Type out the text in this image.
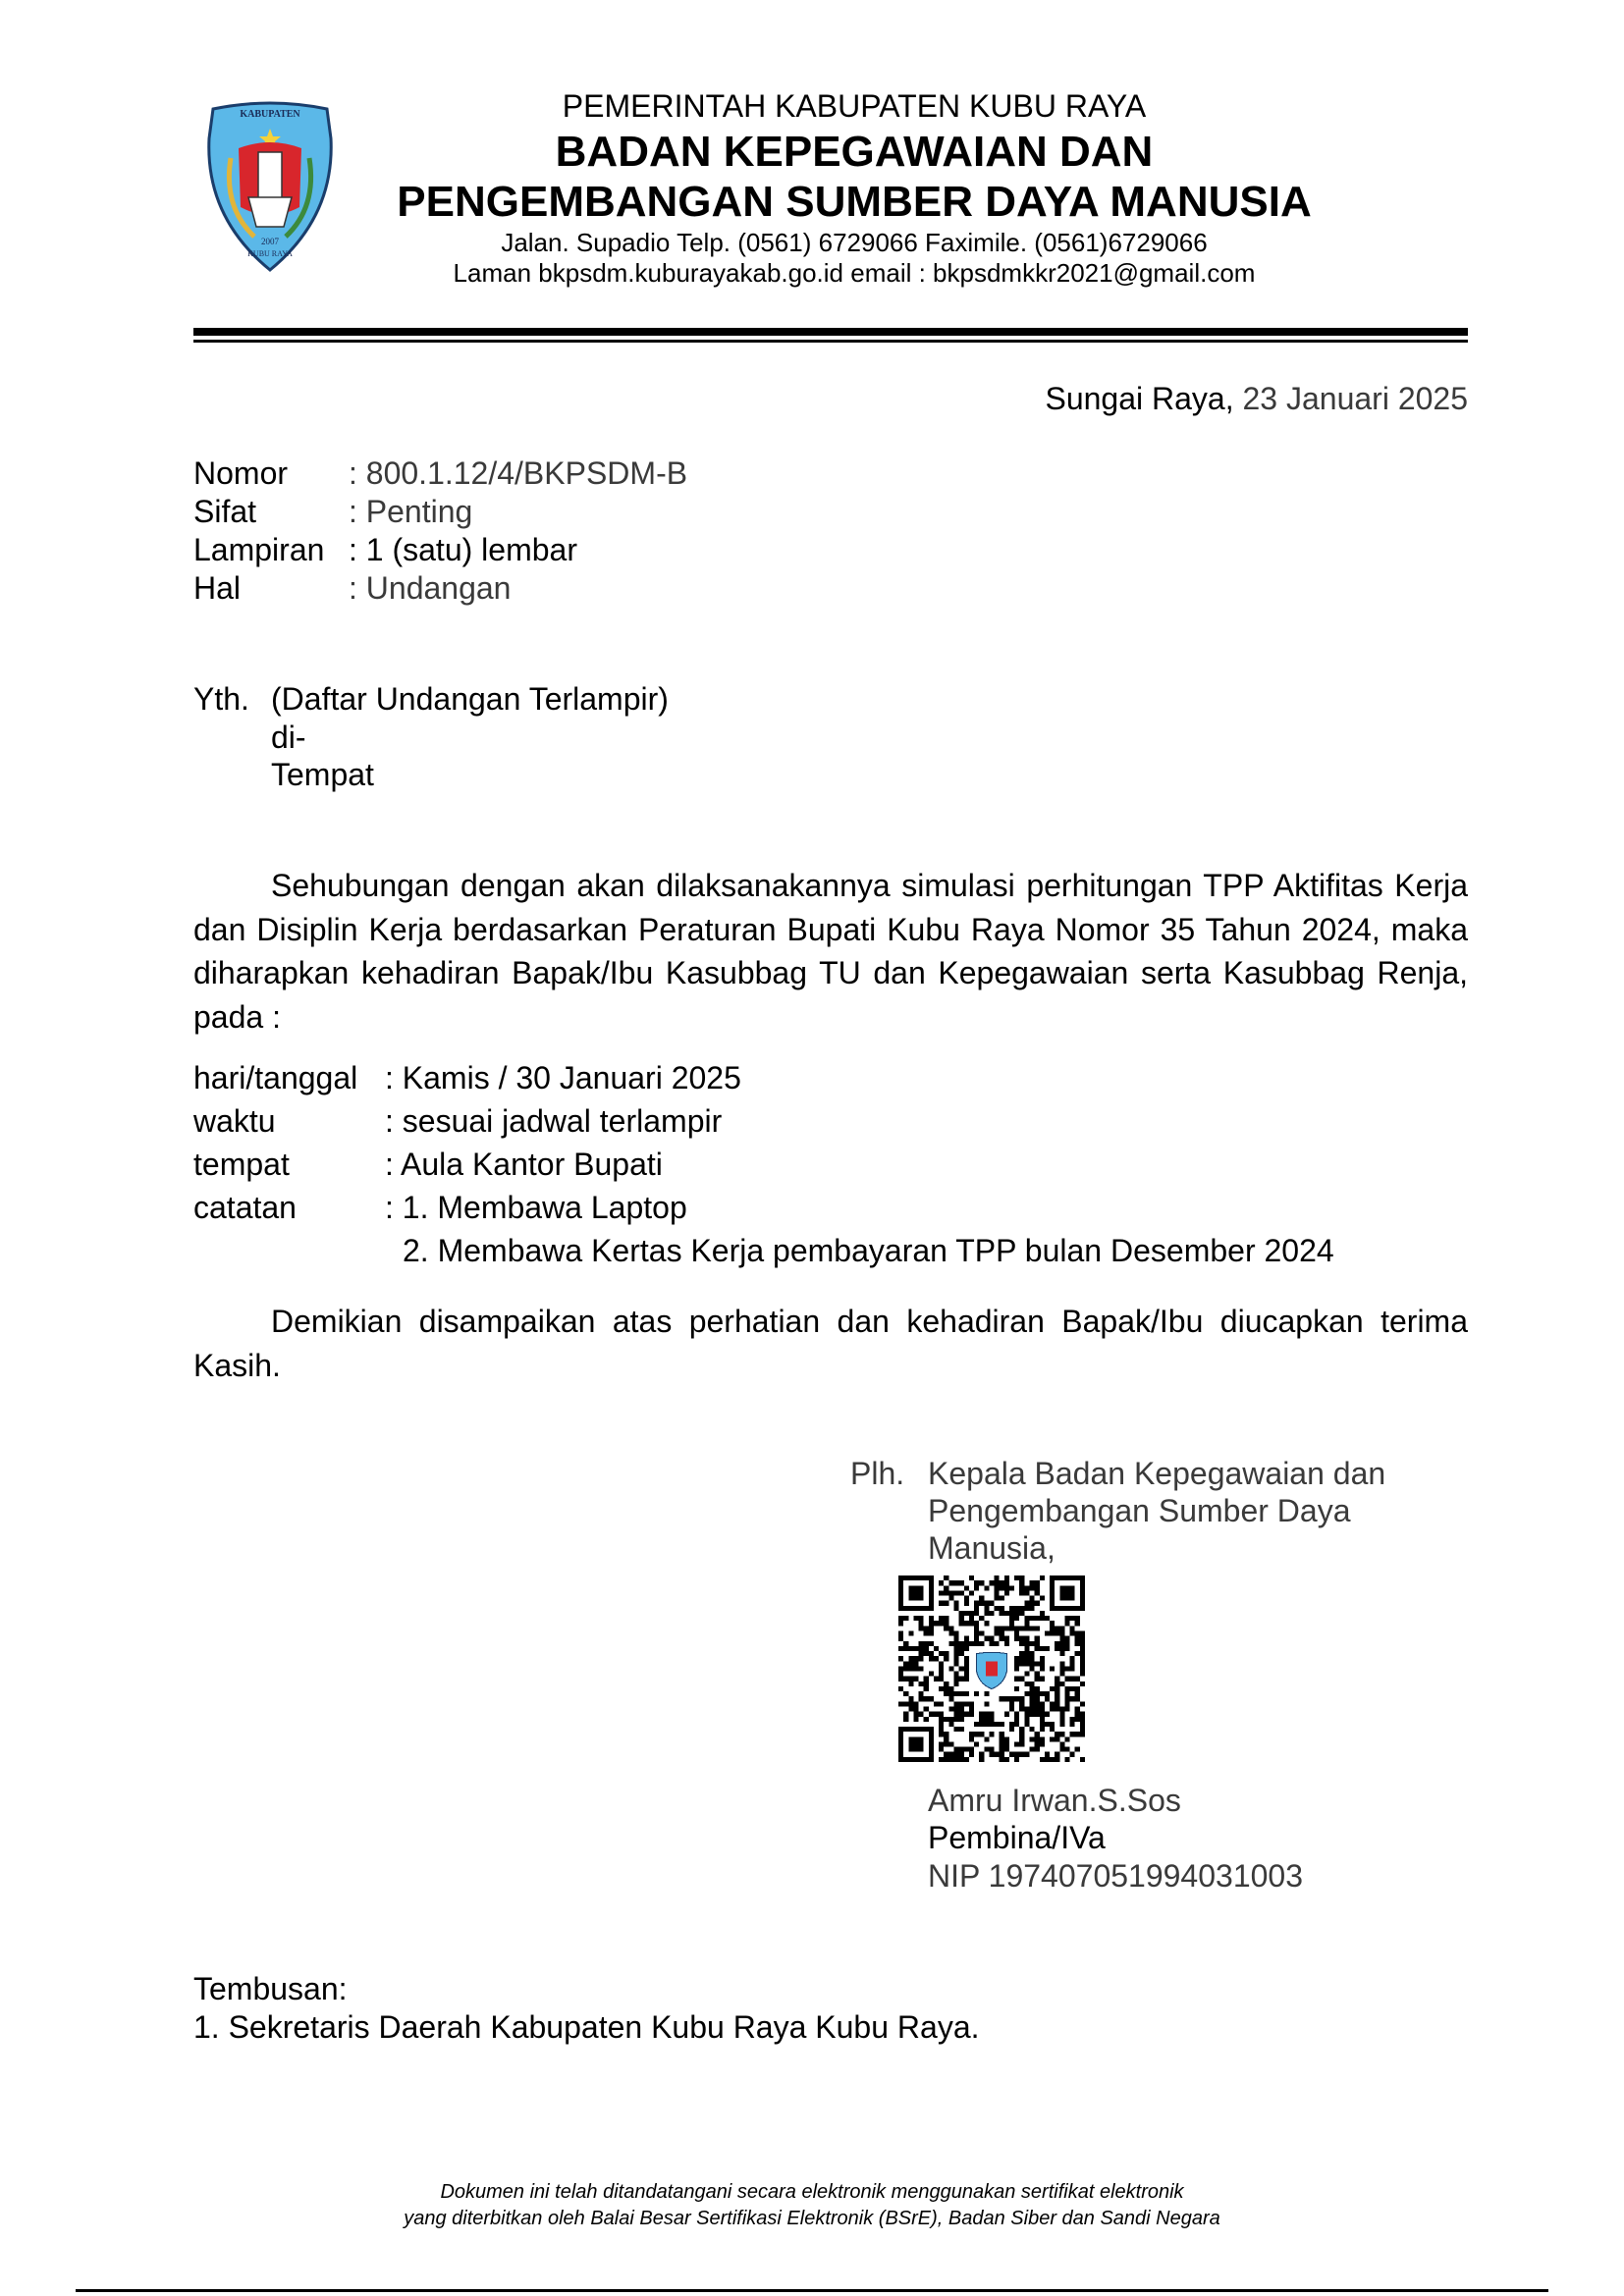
KABUPATEN
2007
KUBU RAYA
PEMERINTAH KABUPATEN KUBU RAYA
BADAN KEPEGAWAIAN DAN
PENGEMBANGAN SUMBER DAYA MANUSIA
Jalan. Supadio Telp. (0561) 6729066 Faximile. (0561)6729066
Laman bkpsdm.kuburayakab.go.id email : bkpsdmkkr2021@gmail.com
Sungai Raya, 23 Januari 2025
Nomor : 800.1.12/4/BKPSDM-B
Sifat	: Penting
Lampiran : 1 (satu) lembar
Hal	: Undangan
Yth. (Daftar Undangan Terlampir)
di-
Tempat
Sehubungan dengan akan dilaksanakannya simulasi perhitungan TPP Aktifitas Kerja dan Disiplin Kerja berdasarkan Peraturan Bupati Kubu Raya Nomor 35 Tahun 2024, maka diharapkan kehadiran Bapak/Ibu Kasubbag TU dan Kepegawaian serta Kasubbag Renja, pada :
hari/tanggal : Kamis / 30 Januari 2025
waktu	: sesuai jadwal terlampir
tempat	: Aula Kantor Bupati
catatan	: 1. Membawa Laptop
2. Membawa Kertas Kerja pembayaran TPP bulan Desember 2024
Demikian disampaikan atas perhatian dan kehadiran Bapak/Ibu diucapkan terima Kasih.
Plh. Kepala Badan Kepegawaian dan
Pengembangan Sumber Daya
Manusia,
Amru Irwan.S.Sos
Pembina/IVa
NIP 197407051994031003
Tembusan:
1. Sekretaris Daerah Kabupaten Kubu Raya Kubu Raya.
Dokumen ini telah ditandatangani secara elektronik menggunakan sertifikat elektronik
yang diterbitkan oleh Balai Besar Sertifikasi Elektronik (BSrE), Badan Siber dan Sandi Negara
